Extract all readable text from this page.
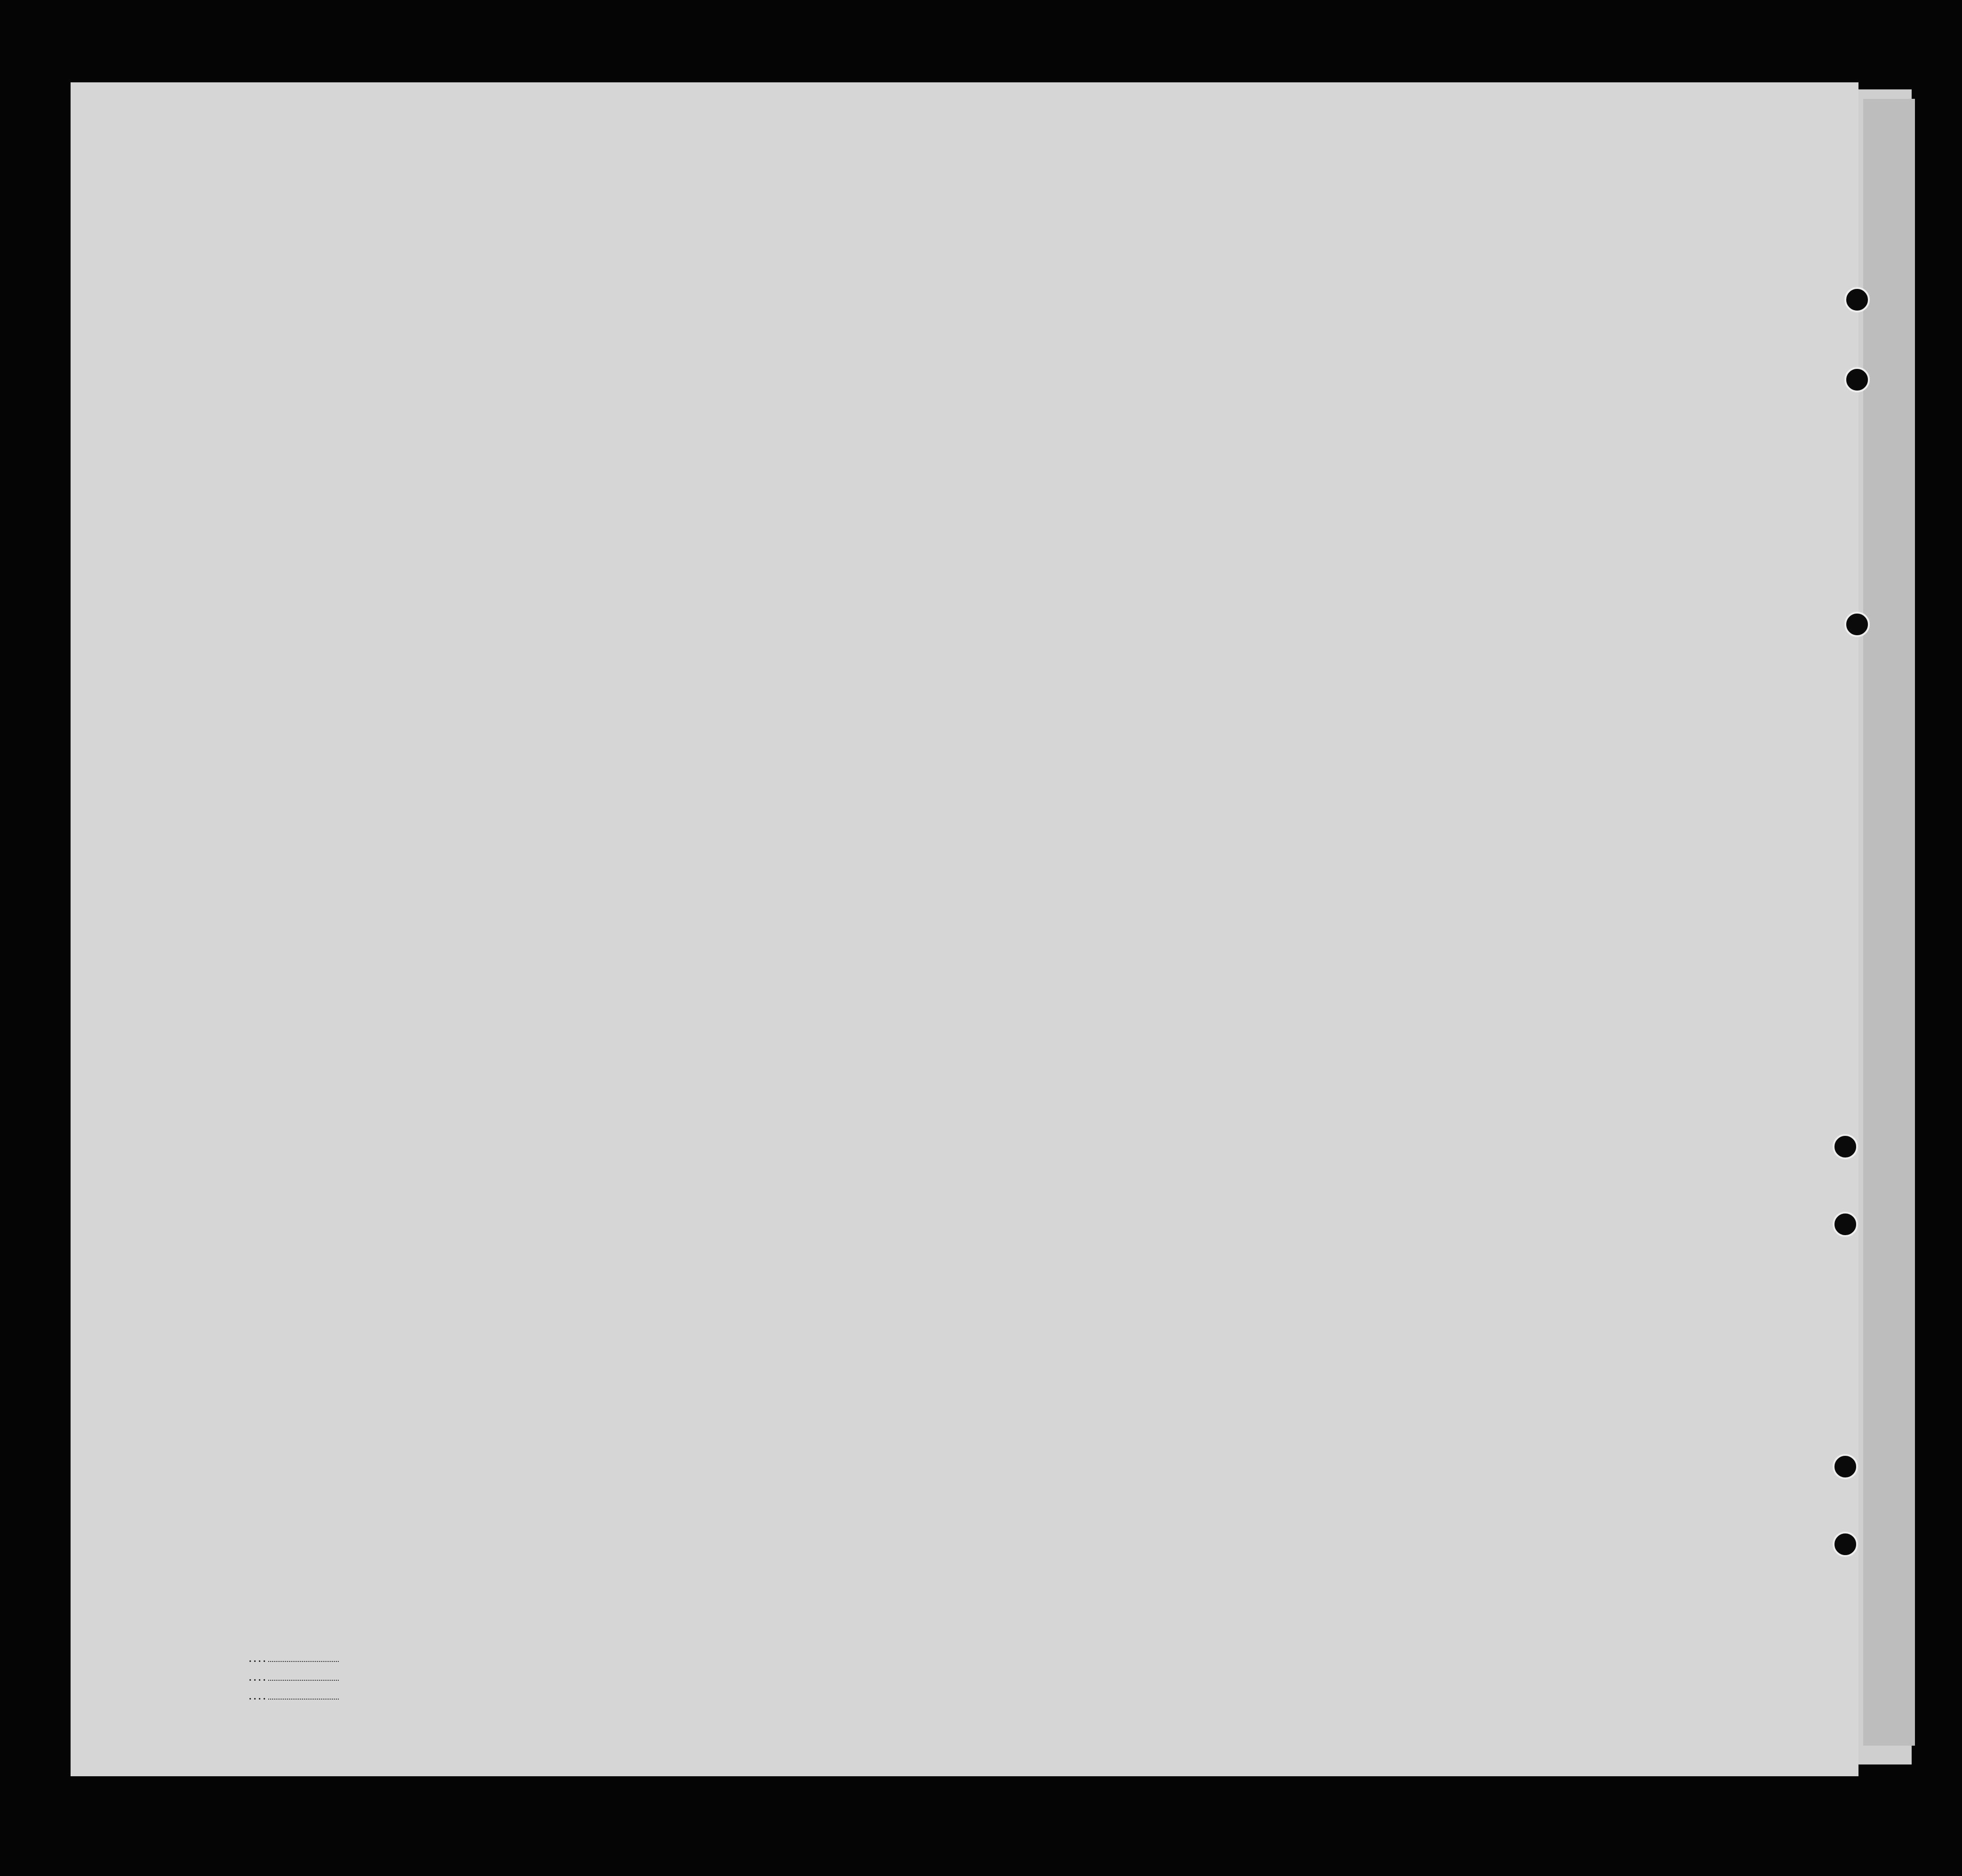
. . . .
. . . .
. . . .
